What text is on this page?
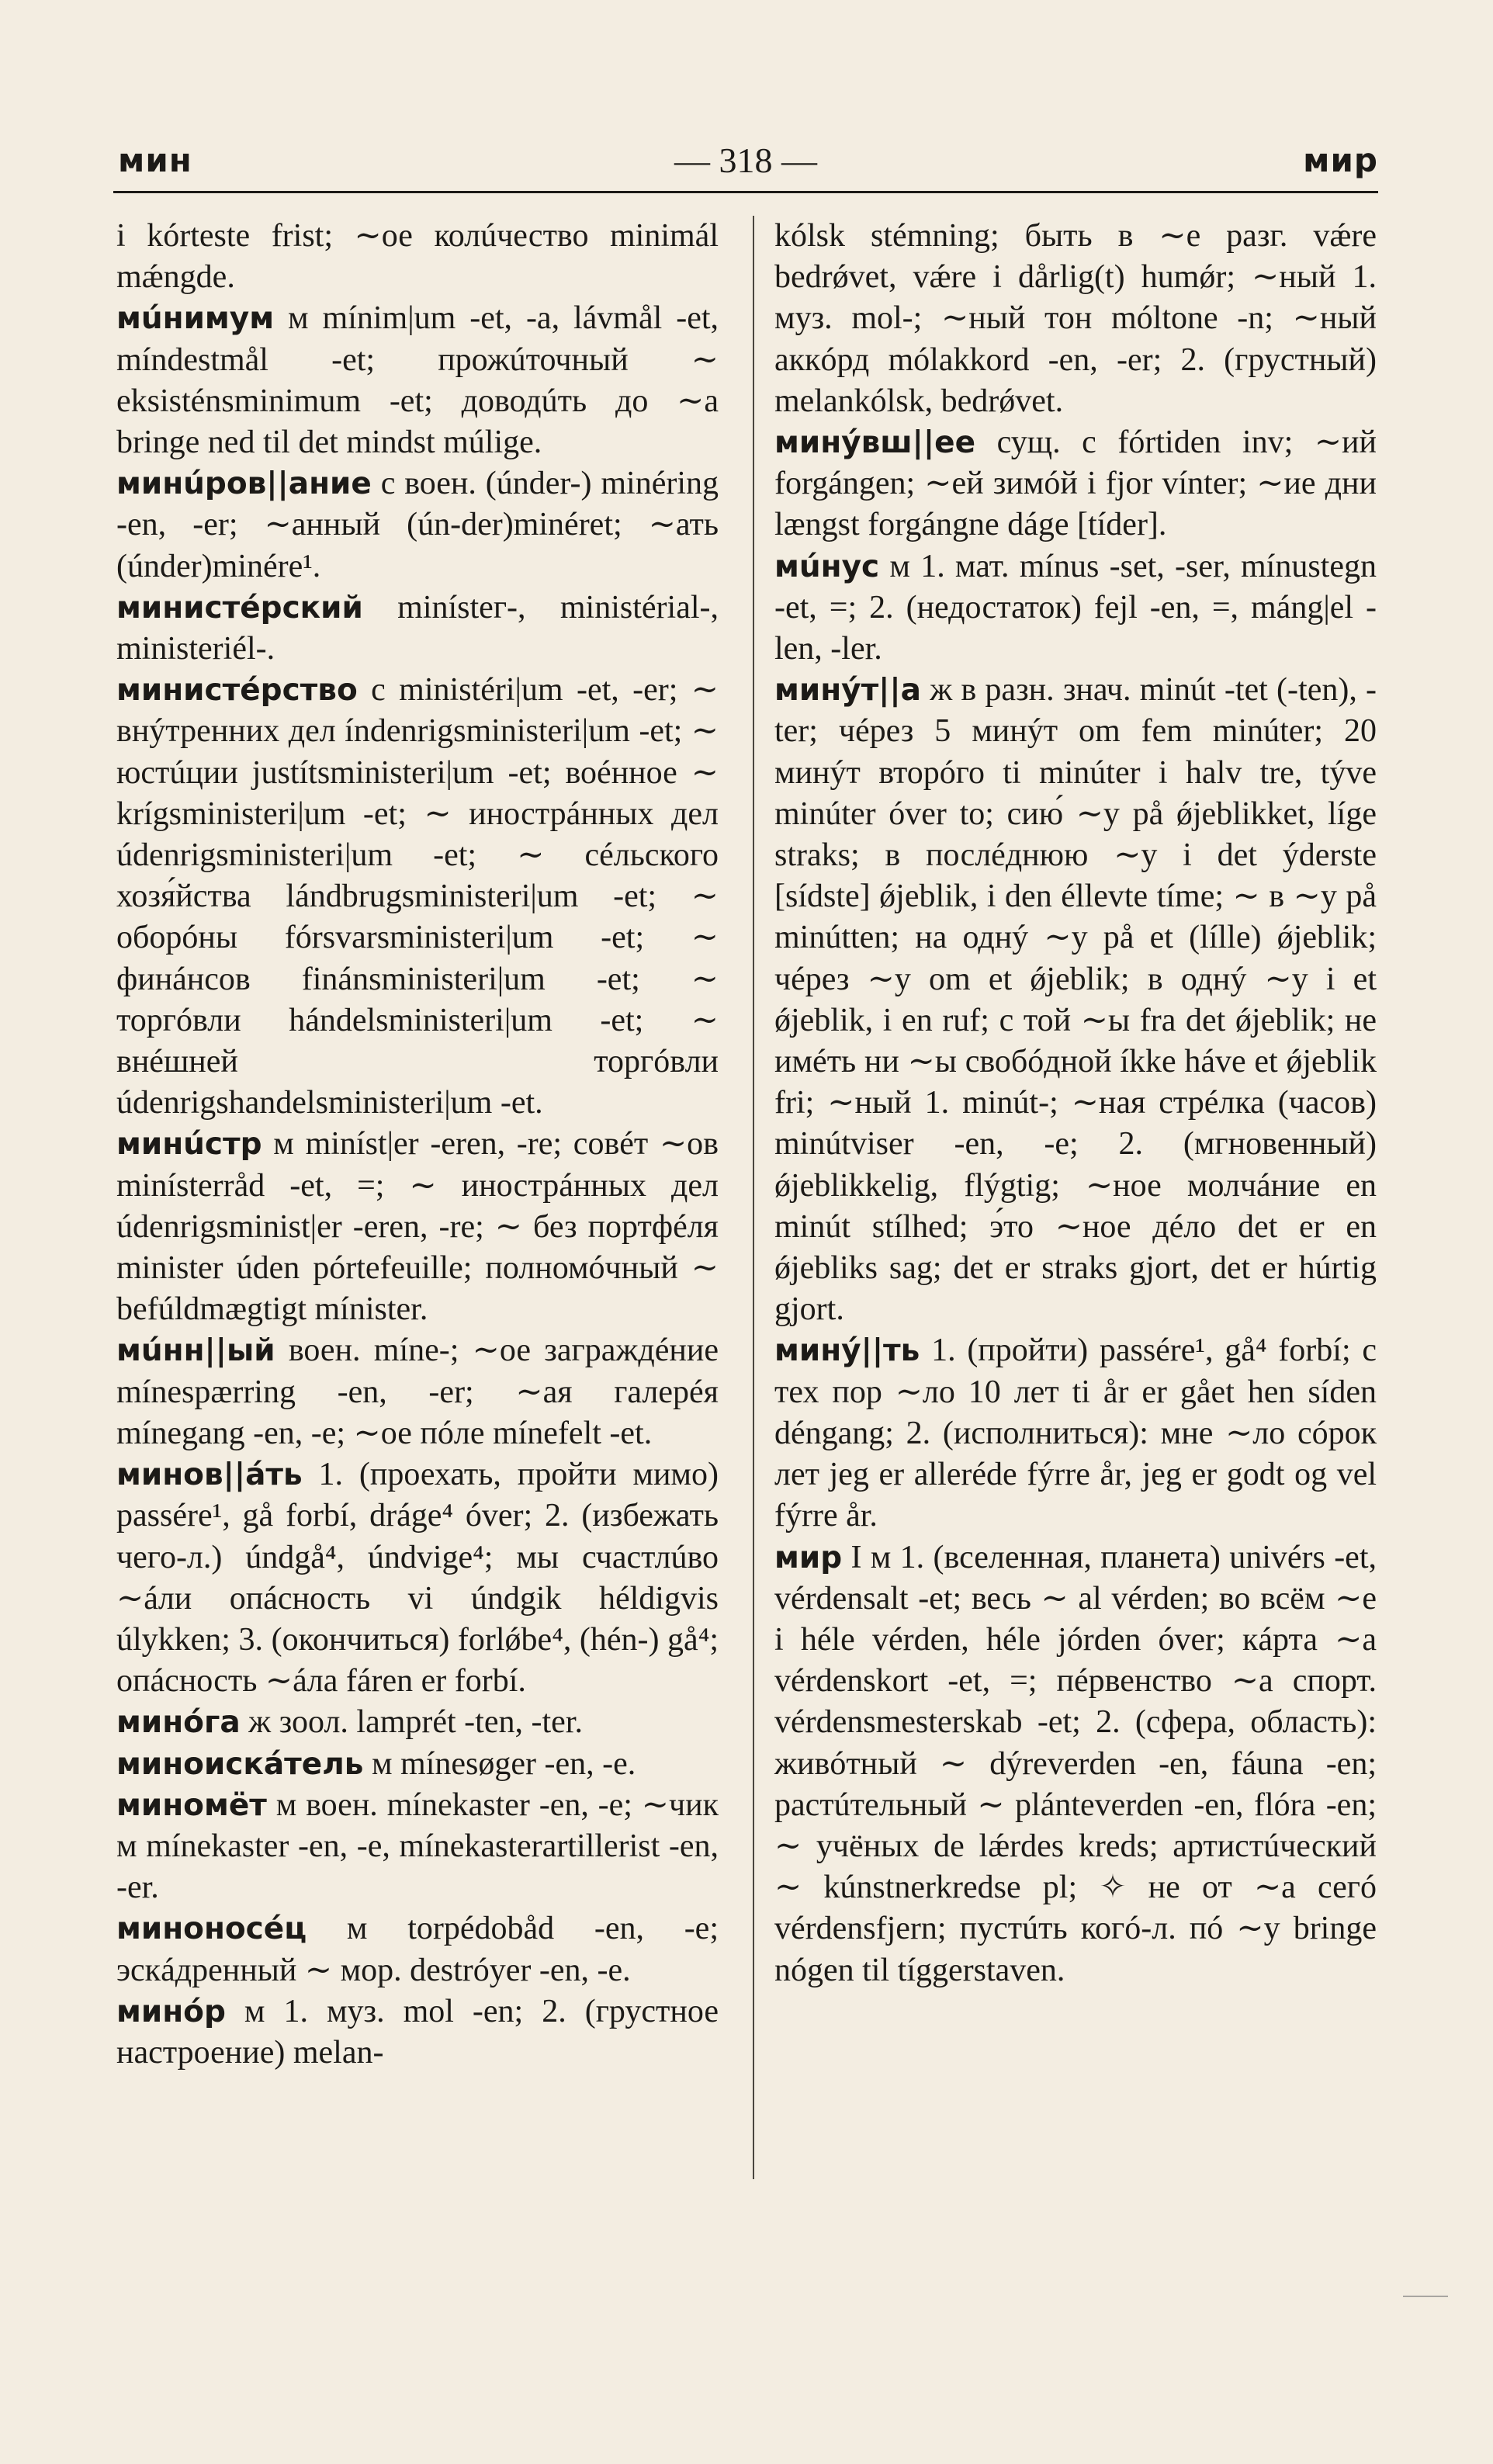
мин	— 318 —	мир

i kórteste frist; ∼ое колúчество minimál mǽngde.

мúнимум м mínim|um -et, -a, lávmål -et, míndestmål -et; прожúточный ∼ eksisténsminimum -et; доводúть до ∼а bringe ned til det mindst múlige.

минúров||ание с воен. (únder-) minéring -en, -er; ∼анный (ún-der)minéret; ∼ать (únder)minére¹.

министéрский minístег-, ministérial-, ministeriél-.

министéрство с ministéri|um -et, -er; ∼ внýтренних дел índenrigsministeri|um -et; ∼ юстúции justítsministeri|um -et; воéнное ∼ krígsministeri|um -et; ∼ инострáнных дел údenrigsministeri|um -et; ∼ сéльского хозя́йства lándbrugsministeri|um -et; ∼ оборóны fórsvarsministeri|um -et; ∼ финáнсов finánsministeri|um -et; ∼ торгóвли hándelsministeri|um -et; ∼ внéшней торгóвли údenrigshandelsministeri|um -et.

минúстр м miníst|er -eren, -re; совéт ∼ов minísterråd -et, =; ∼ инострáнных дел údenrigsminist|er -eren, -re; ∼ без портфéля minister úden pórtefeuille; полномóчный ∼ befúldmægtigt mínister.

мúнн||ый воен. míne-; ∼ое заграждéние mínespærring -en, -er; ∼ая галерéя mínegang -en, -e; ∼ое пóле mínefelt -et.

минов||áть 1. (проехать, пройти мимо) passére¹, gå forbí, dráge⁴ óver; 2. (избежать чего-л.) úndgå⁴, úndvige⁴; мы счастлúво ∼áли опáсность vi úndgik héldigvis úlykken; 3. (окончиться) forlǿbe⁴, (hén-) gå⁴; опáсность ∼áла fáren er forbí.

минóга ж зоол. lamprét -ten, -ter.

миноискáтель м mínesøger -en, -e.

миномёт м воен. mínekaster -en, -e; ∼чик м mínekaster -en, -e, mínekasterartillerist -en, -er.

миноносéц м torpédobåd -en, -e; эскáдренный ∼ мор. destróyer -en, -e.

минóр м 1. муз. mol -en; 2. (грустное настроение) melan-

kólsk stémning; быть в ∼е разг. vǽre bedrǿvet, vǽre i dårlig(t) humǿr; ∼ный 1. муз. mol-; ∼ный тон móltone -n; ∼ный аккóрд mólakkord -en, -er; 2. (грустный) melankólsk, bedrǿvet.

минýвш||ее сущ. с fórtiden inv; ∼ий forgángen; ∼ей зимóй i fjor vínter; ∼ие дни længst forgángne dáge [tíder].

мúнус м 1. мат. mínus -set, -ser, mínustegn -et, =; 2. (недостаток) fejl -en, =, máng|el -len, -ler.

минýт||а ж в разн. знач. minút -tet (-ten), -ter; чéрез 5 минýт om fem minúter; 20 минýт вторóго ti minúter i halv tre, týve minúter óver to; сию́ ∼у på ǿjeblikket, líge straks; в послéднюю ∼у i det ýderste [sídste] ǿjeblik, i den éllevte tíme; ∼ в ∼у på minútten; на однý ∼у på et (lílle) ǿjeblik; чéрез ∼у om et ǿjeblik; в однý ∼у i et ǿjeblik, i en ruf; с той ∼ы fra det ǿjeblik; не имéть ни ∼ы свобóдной íkke háve et ǿjeblik fri; ∼ный 1. minút-; ∼ная стрéлка (часов) minútviser -en, -e; 2. (мгновенный) ǿjeblikkelig, flýgtig; ∼ное молчáние en minút stílhed; э́то ∼ное дéло det er en ǿjebliks sag; det er straks gjort, det er húrtig gjort.

минý||ть 1. (пройти) passére¹, gå⁴ forbí; с тех пор ∼ло 10 лет ti år er gået hen síden déngang; 2. (исполниться): мне ∼ло сóрок лет jeg er alleréde fýrre år, jeg er godt og vel fýrre år.

мир I м 1. (вселенная, планета) univérs -et, vérdensalt -et; весь ∼ al vérden; во всём ∼е i héle vérden, héle jórden óver; кáрта ∼а vérdenskort -et, =; пéрвенство ∼а спорт. vérdensmesterskab -et; 2. (сфера, область): живóтный ∼ dýreverden -en, fáuna -en; растúтельный ∼ plánteverden -en, flóra -en; ∼ учёных de lǽrdes kreds; артистúческий ∼ kúnstnerkredse pl; ✧ не от ∼а сегó vérdensfjern; пустúть когó-л. пó ∼у bringe nógen til tíggerstaven.
